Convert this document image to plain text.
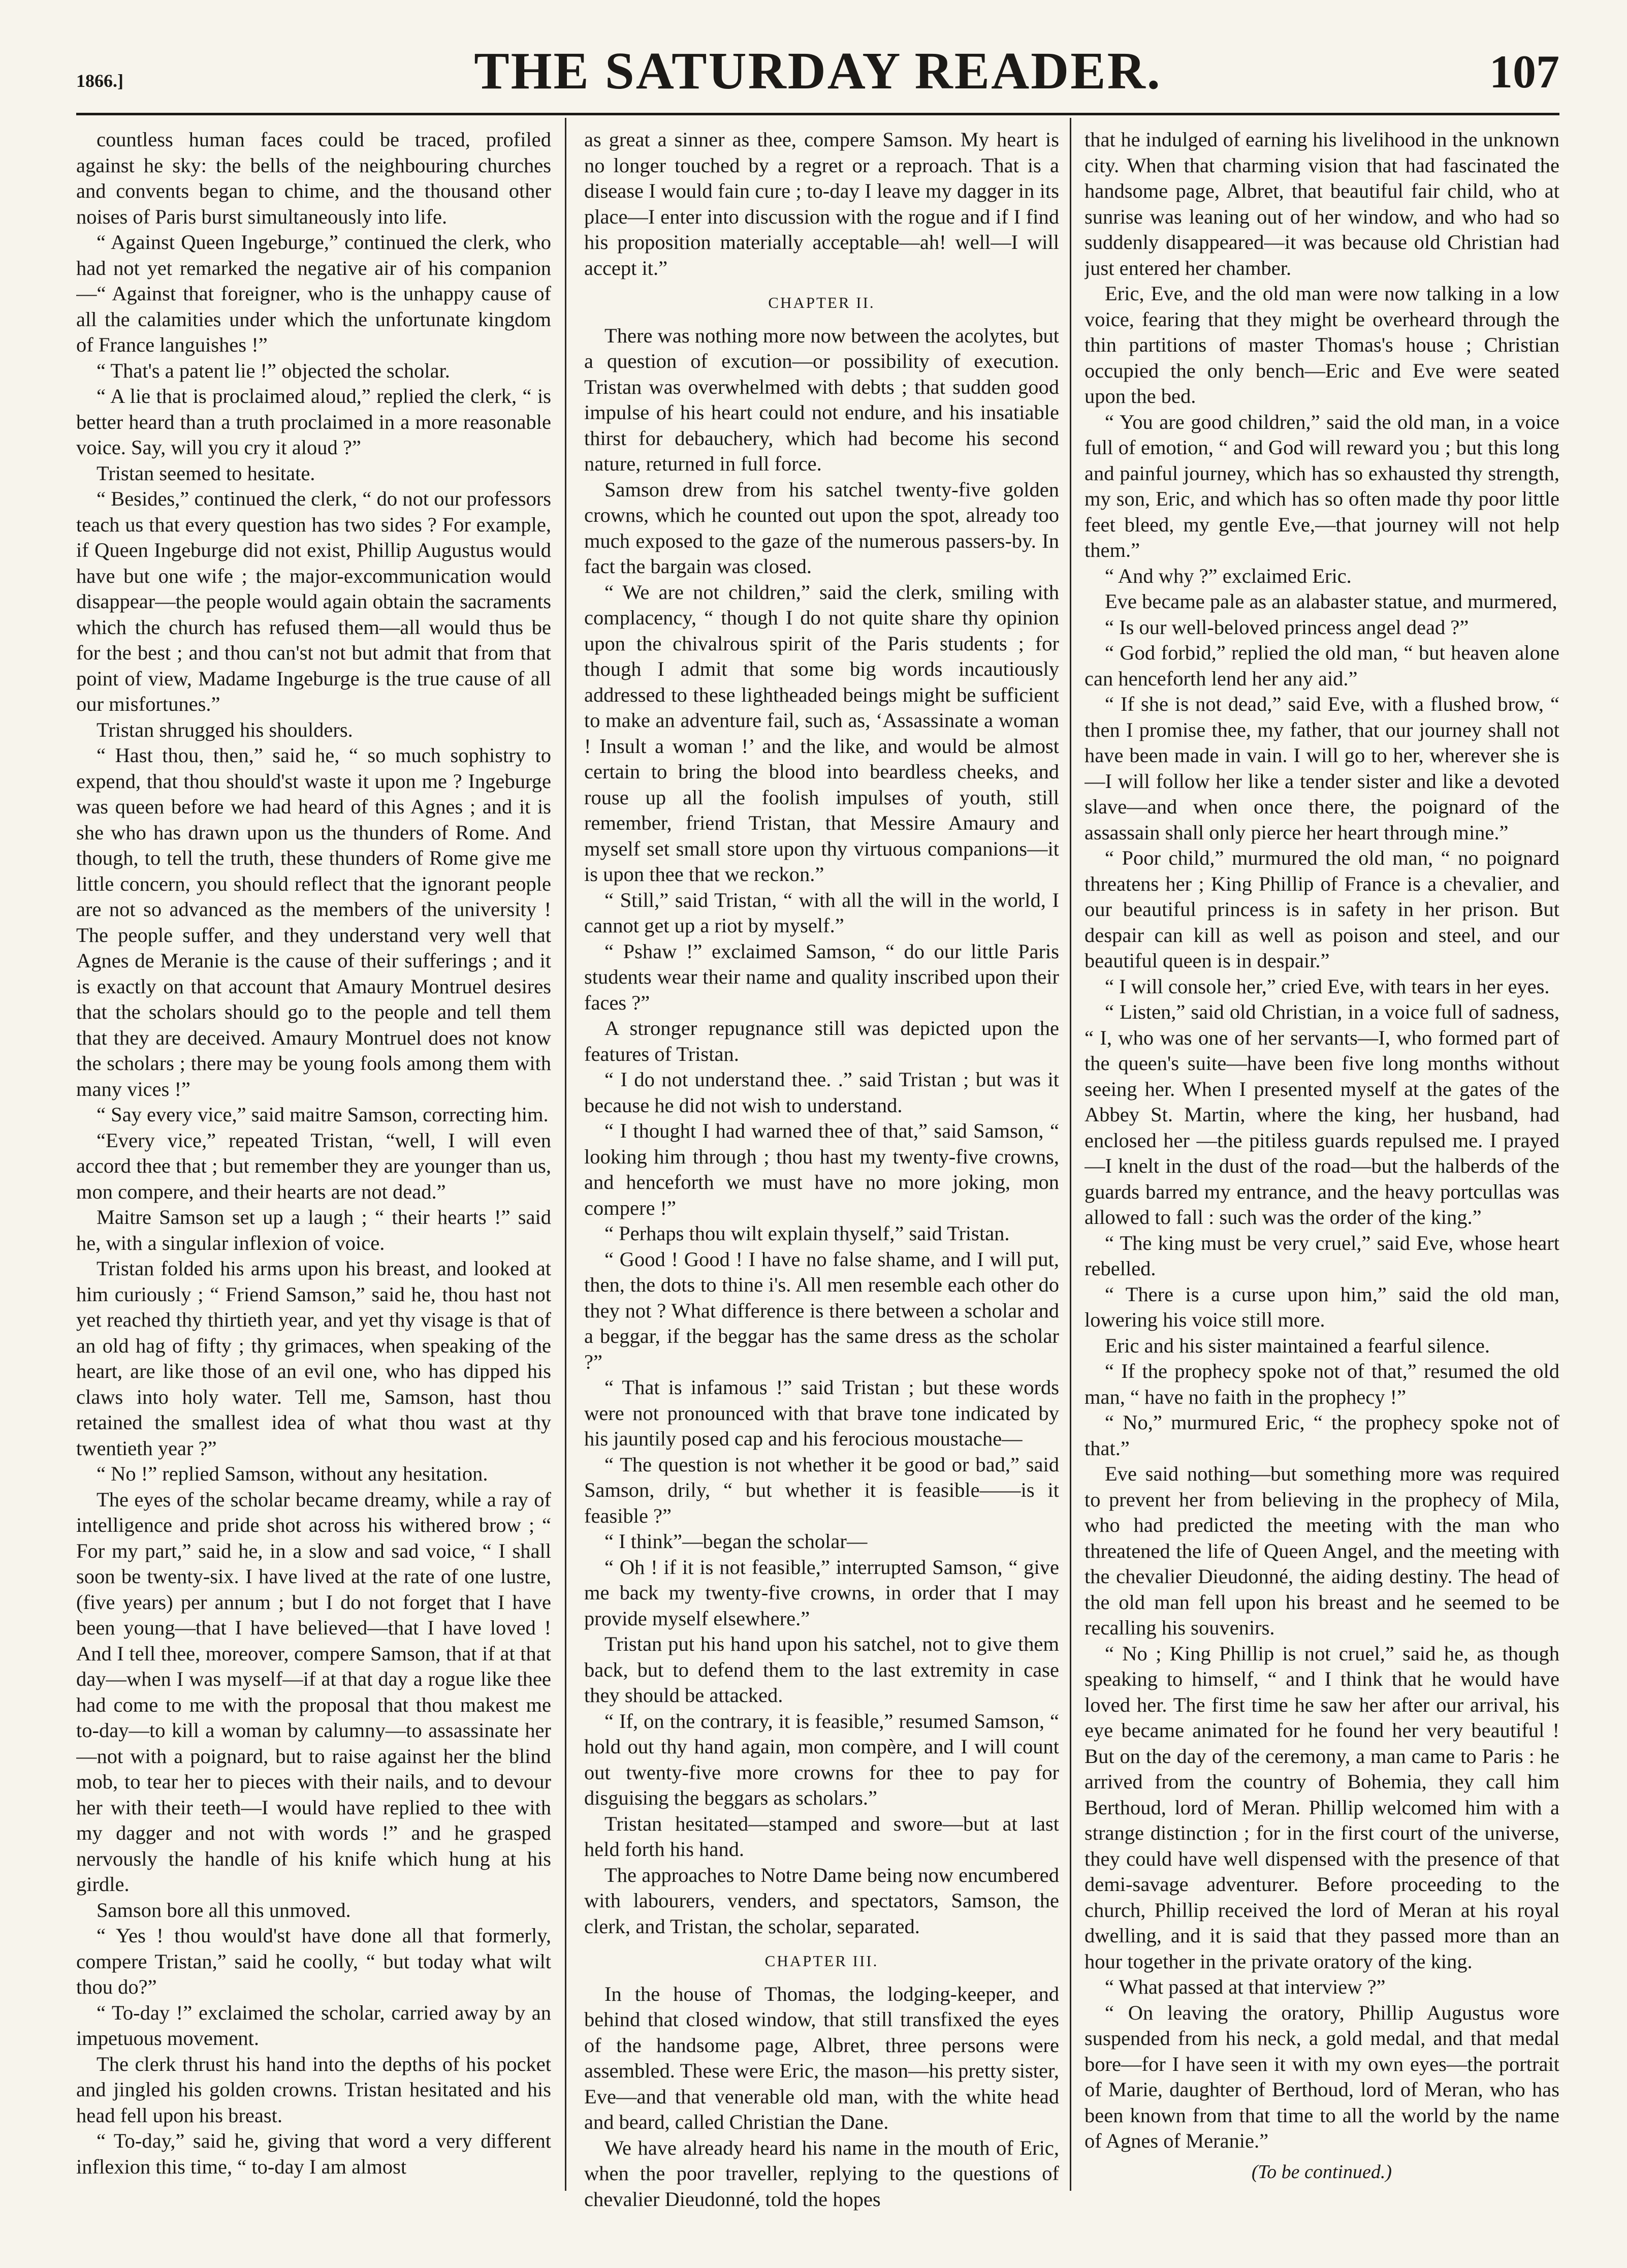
1866.]	THE SATURDAY READER.	107

countless human faces could be traced, profiled against he sky: the bells of the neighbouring churches and convents began to chime, and the thousand other noises of Paris burst simultaneously into life.

“ Against Queen Ingeburge,” continued the clerk, who had not yet remarked the negative air of his companion—“ Against that foreigner, who is the unhappy cause of all the calamities under which the unfortunate kingdom of France languishes !”

“ That's a patent lie !” objected the scholar.

“ A lie that is proclaimed aloud,” replied the clerk, “ is better heard than a truth proclaimed in a more reasonable voice. Say, will you cry it aloud ?”

Tristan seemed to hesitate.

“ Besides,” continued the clerk, “ do not our professors teach us that every question has two sides ? For example, if Queen Ingeburge did not exist, Phillip Augustus would have but one wife ; the major-excommunication would disappear—the people would again obtain the sacraments which the church has refused them—all would thus be for the best ; and thou can'st not but admit that from that point of view, Madame Ingeburge is the true cause of all our misfortunes.”

Tristan shrugged his shoulders.

“ Hast thou, then,” said he, “ so much sophistry to expend, that thou should'st waste it upon me ? Ingeburge was queen before we had heard of this Agnes ; and it is she who has drawn upon us the thunders of Rome. And though, to tell the truth, these thunders of Rome give me little concern, you should reflect that the ignorant people are not so advanced as the members of the university ! The people suffer, and they understand very well that Agnes de Meranie is the cause of their sufferings ; and it is exactly on that account that Amaury Montruel desires that the scholars should go to the people and tell them that they are deceived. Amaury Montruel does not know the scholars ; there may be young fools among them with many vices !”

“ Say every vice,” said maitre Samson, correcting him.

“Every vice,” repeated Tristan, “well, I will even accord thee that ; but remember they are younger than us, mon compere, and their hearts are not dead.”

Maitre Samson set up a laugh ; “ their hearts !” said he, with a singular inflexion of voice.

Tristan folded his arms upon his breast, and looked at him curiously ; “ Friend Samson,” said he, thou hast not yet reached thy thirtieth year, and yet thy visage is that of an old hag of fifty ; thy grimaces, when speaking of the heart, are like those of an evil one, who has dipped his claws into holy water. Tell me, Samson, hast thou retained the smallest idea of what thou wast at thy twentieth year ?”

“ No !” replied Samson, without any hesitation.

The eyes of the scholar became dreamy, while a ray of intelligence and pride shot across his withered brow ; “ For my part,” said he, in a slow and sad voice, “ I shall soon be twenty-six. I have lived at the rate of one lustre, (five years) per annum ; but I do not forget that I have been young—that I have believed—that I have loved ! And I tell thee, moreover, compere Samson, that if at that day—when I was myself—if at that day a rogue like thee had come to me with the proposal that thou makest me to-day—to kill a woman by calumny—to assassinate her—not with a poignard, but to raise against her the blind mob, to tear her to pieces with their nails, and to devour her with their teeth—I would have replied to thee with my dagger and not with words !” and he grasped nervously the handle of his knife which hung at his girdle.

Samson bore all this unmoved.

“ Yes ! thou would'st have done all that formerly, compere Tristan,” said he coolly, “ but today what wilt thou do?”

“ To-day !” exclaimed the scholar, carried away by an impetuous movement.

The clerk thrust his hand into the depths of his pocket and jingled his golden crowns. Tristan hesitated and his head fell upon his breast.

“ To-day,” said he, giving that word a very different inflexion this time, “ to-day I am almost

as great a sinner as thee, compere Samson. My heart is no longer touched by a regret or a reproach. That is a disease I would fain cure ; to-day I leave my dagger in its place—I enter into discussion with the rogue and if I find his proposition materially acceptable—ah! well—I will accept it.”

CHAPTER II.

There was nothing more now between the acolytes, but a question of excution—or possibility of execution. Tristan was overwhelmed with debts ; that sudden good impulse of his heart could not endure, and his insatiable thirst for debauchery, which had become his second nature, returned in full force.

Samson drew from his satchel twenty-five golden crowns, which he counted out upon the spot, already too much exposed to the gaze of the numerous passers-by. In fact the bargain was closed.

“ We are not children,” said the clerk, smiling with complacency, “ though I do not quite share thy opinion upon the chivalrous spirit of the Paris students ; for though I admit that some big words incautiously addressed to these lightheaded beings might be sufficient to make an adventure fail, such as, ‘Assassinate a woman ! Insult a woman !’ and the like, and would be almost certain to bring the blood into beardless cheeks, and rouse up all the foolish impulses of youth, still remember, friend Tristan, that Messire Amaury and myself set small store upon thy virtuous companions—it is upon thee that we reckon.”

“ Still,” said Tristan, “ with all the will in the world, I cannot get up a riot by myself.”

“ Pshaw !” exclaimed Samson, “ do our little Paris students wear their name and quality inscribed upon their faces ?”

A stronger repugnance still was depicted upon the features of Tristan.

“ I do not understand thee. .” said Tristan ; but was it because he did not wish to understand.

“ I thought I had warned thee of that,” said Samson, “ looking him through ; thou hast my twenty-five crowns, and henceforth we must have no more joking, mon compere !”

“ Perhaps thou wilt explain thyself,” said Tristan.

“ Good ! Good ! I have no false shame, and I will put, then, the dots to thine i's. All men resemble each other do they not ? What difference is there between a scholar and a beggar, if the beggar has the same dress as the scholar ?”

“ That is infamous !” said Tristan ; but these words were not pronounced with that brave tone indicated by his jauntily posed cap and his ferocious moustache—

“ The question is not whether it be good or bad,” said Samson, drily, “ but whether it is feasible——is it feasible ?”

“ I think”—began the scholar—

“ Oh ! if it is not feasible,” interrupted Samson, “ give me back my twenty-five crowns, in order that I may provide myself elsewhere.”

Tristan put his hand upon his satchel, not to give them back, but to defend them to the last extremity in case they should be attacked.

“ If, on the contrary, it is feasible,” resumed Samson, “ hold out thy hand again, mon compère, and I will count out twenty-five more crowns for thee to pay for disguising the beggars as scholars.”

Tristan hesitated—stamped and swore—but at last held forth his hand.

The approaches to Notre Dame being now encumbered with labourers, venders, and spectators, Samson, the clerk, and Tristan, the scholar, separated.

CHAPTER III.

In the house of Thomas, the lodging-keeper, and behind that closed window, that still transfixed the eyes of the handsome page, Albret, three persons were assembled. These were Eric, the mason—his pretty sister, Eve—and that venerable old man, with the white head and beard, called Christian the Dane.

We have already heard his name in the mouth of Eric, when the poor traveller, replying to the questions of chevalier Dieudonné, told the hopes

that he indulged of earning his livelihood in the unknown city. When that charming vision that had fascinated the handsome page, Albret, that beautiful fair child, who at sunrise was leaning out of her window, and who had so suddenly disappeared—it was because old Christian had just entered her chamber.

Eric, Eve, and the old man were now talking in a low voice, fearing that they might be overheard through the thin partitions of master Thomas's house ; Christian occupied the only bench—Eric and Eve were seated upon the bed.

“ You are good children,” said the old man, in a voice full of emotion, “ and God will reward you ; but this long and painful journey, which has so exhausted thy strength, my son, Eric, and which has so often made thy poor little feet bleed, my gentle Eve,—that journey will not help them.”

“ And why ?” exclaimed Eric.

Eve became pale as an alabaster statue, and murmered,

“ Is our well-beloved princess angel dead ?”

“ God forbid,” replied the old man, “ but heaven alone can henceforth lend her any aid.”

“ If she is not dead,” said Eve, with a flushed brow, “ then I promise thee, my father, that our journey shall not have been made in vain. I will go to her, wherever she is—I will follow her like a tender sister and like a devoted slave—and when once there, the poignard of the assassain shall only pierce her heart through mine.”

“ Poor child,” murmured the old man, “ no poignard threatens her ; King Phillip of France is a chevalier, and our beautiful princess is in safety in her prison. But despair can kill as well as poison and steel, and our beautiful queen is in despair.”

“ I will console her,” cried Eve, with tears in her eyes.

“ Listen,” said old Christian, in a voice full of sadness, “ I, who was one of her servants—I, who formed part of the queen's suite—have been five long months without seeing her. When I presented myself at the gates of the Abbey St. Martin, where the king, her husband, had enclosed her —the pitiless guards repulsed me. I prayed—I knelt in the dust of the road—but the halberds of the guards barred my entrance, and the heavy portcullas was allowed to fall : such was the order of the king.”

“ The king must be very cruel,” said Eve, whose heart rebelled.

“ There is a curse upon him,” said the old man, lowering his voice still more.

Eric and his sister maintained a fearful silence.

“ If the prophecy spoke not of that,” resumed the old man, “ have no faith in the prophecy !”

“ No,” murmured Eric, “ the prophecy spoke not of that.”

Eve said nothing—but something more was required to prevent her from believing in the prophecy of Mila, who had predicted the meeting with the man who threatened the life of Queen Angel, and the meeting with the chevalier Dieudonné, the aiding destiny. The head of the old man fell upon his breast and he seemed to be recalling his souvenirs.

“ No ; King Phillip is not cruel,” said he, as though speaking to himself, “ and I think that he would have loved her. The first time he saw her after our arrival, his eye became animated for he found her very beautiful ! But on the day of the ceremony, a man came to Paris : he arrived from the country of Bohemia, they call him Berthoud, lord of Meran. Phillip welcomed him with a strange distinction ; for in the first court of the universe, they could have well dispensed with the presence of that demi-savage adventurer. Before proceeding to the church, Phillip received the lord of Meran at his royal dwelling, and it is said that they passed more than an hour together in the private oratory of the king.

“ What passed at that interview ?”

“ On leaving the oratory, Phillip Augustus wore suspended from his neck, a gold medal, and that medal bore—for I have seen it with my own eyes—the portrait of Marie, daughter of Berthoud, lord of Meran, who has been known from that time to all the world by the name of Agnes of Meranie.”

(To be continued.)
